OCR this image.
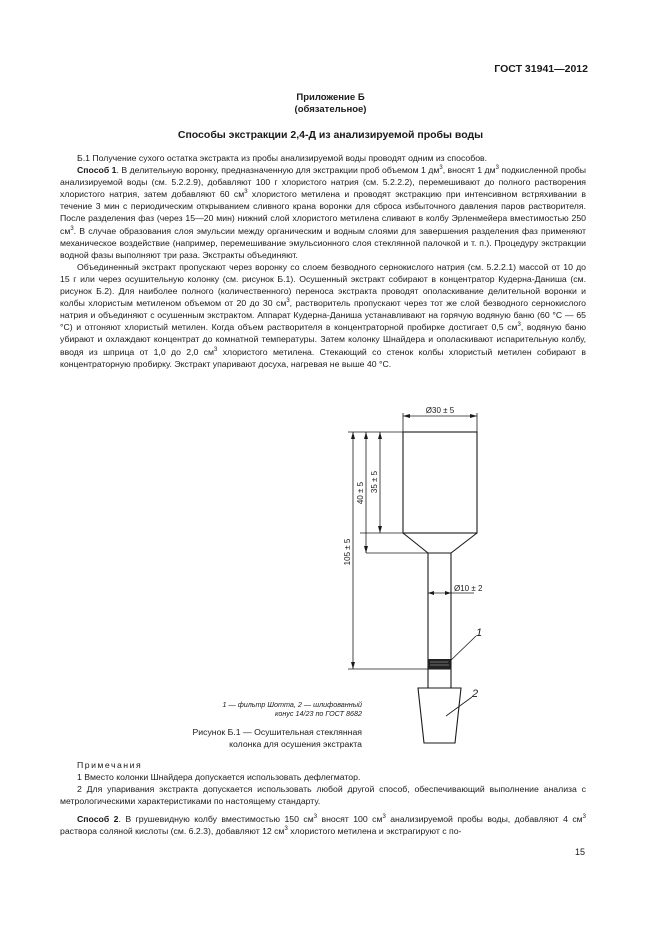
ГОСТ 31941—2012
Приложение Б
(обязательное)
Способы экстракции 2,4-Д из анализируемой пробы воды

Б.1 Получение сухого остатка экстракта из пробы анализируемой воды проводят одним из способов.

Способ 1. В делительную воронку, предназначенную для экстракции проб объемом 1 $дм^3$, вносят 1 $дм^3$ подкисленной пробы анализируемой воды (см. 5.2.2.9), добавляют 100 г хлористого натрия (см. 5.2.2.2), перемешивают до полного растворения хлористого натрия, затем добавляют 60 $см^3$ хлористого метилена и проводят экстракцию при интенсивном встряхивании в течение 3 мин с периодическим открыванием сливного крана воронки для сброса избыточного давления паров растворителя. После разделения фаз (через 15—20 мин) нижний слой хлористого метилена сливают в колбу Эрленмейера вместимостью 250 $см^3$. В случае образования слоя эмульсии между органическим и водным слоями для завершения разделения фаз применяют механическое воздействие (например, перемешивание эмульсионного слоя стеклянной палочкой и т. п.). Процедуру экстракции водной фазы выполняют три раза. Экстракты объединяют.

Объединенный экстракт пропускают через воронку со слоем безводного сернокислого натрия (см. 5.2.2.1) массой от 10 до 15 г или через осушительную колонку (см. рисунок Б.1). Осушенный экстракт собирают в концентратор Кудерна-Даниша (см. рисунок Б.2). Для наиболее полного (количественного) переноса экстракта проводят ополаскивание делительной воронки и колбы хлористым метиленом объемом от 20 до 30 $см^3$, растворитель пропускают через тот же слой безводного сернокислого натрия и объединяют с осушенным экстрактом. Аппарат Кудерна-Даниша устанавливают на горячую водяную баню (60 °С — 65 °С) и отгоняют хлористый метилен. Когда объем растворителя в концентраторной пробирке достигает 0,5 $см^3$, водяную баню убирают и охлаждают концентрат до комнатной температуры. Затем колонку Шнайдера и ополаскивают испарительную колбу, вводя из шприца от 1,0 до 2,0 $см^3$ хлористого метилена. Стекающий со стенок колбы хлористый метилен собирают в концентраторную пробирку. Экстракт упаривают досуха, нагревая не выше 40 °С.

Ø30 ± 5
Ø10 ± 2
105 ± 5
40 ± 5 35 ± 5
1
2
1 — фильтр Шотта, 2 — шлифованный
конус 14/23 по ГОСТ 8682
Рисунок Б.1 — Осушительная стеклянная
колонка для осушения экстракта
Примечания

1 Вместо колонки Шнайдера допускается использовать дефлегматор.

2 Для упаривания экстракта допускается использовать любой другой способ, обеспечивающий выполнение анализа с метрологическими характеристиками по настоящему стандарту.

Способ 2. В грушевидную колбу вместимостью 150 $см^3$ вносят 100 $см^3$ анализируемой пробы воды, добавляют 4 $см^3$ раствора соляной кислоты (см. 6.2.3), добавляют 12 $см^3$ хлористого метилена и экстрагируют с по-

15
